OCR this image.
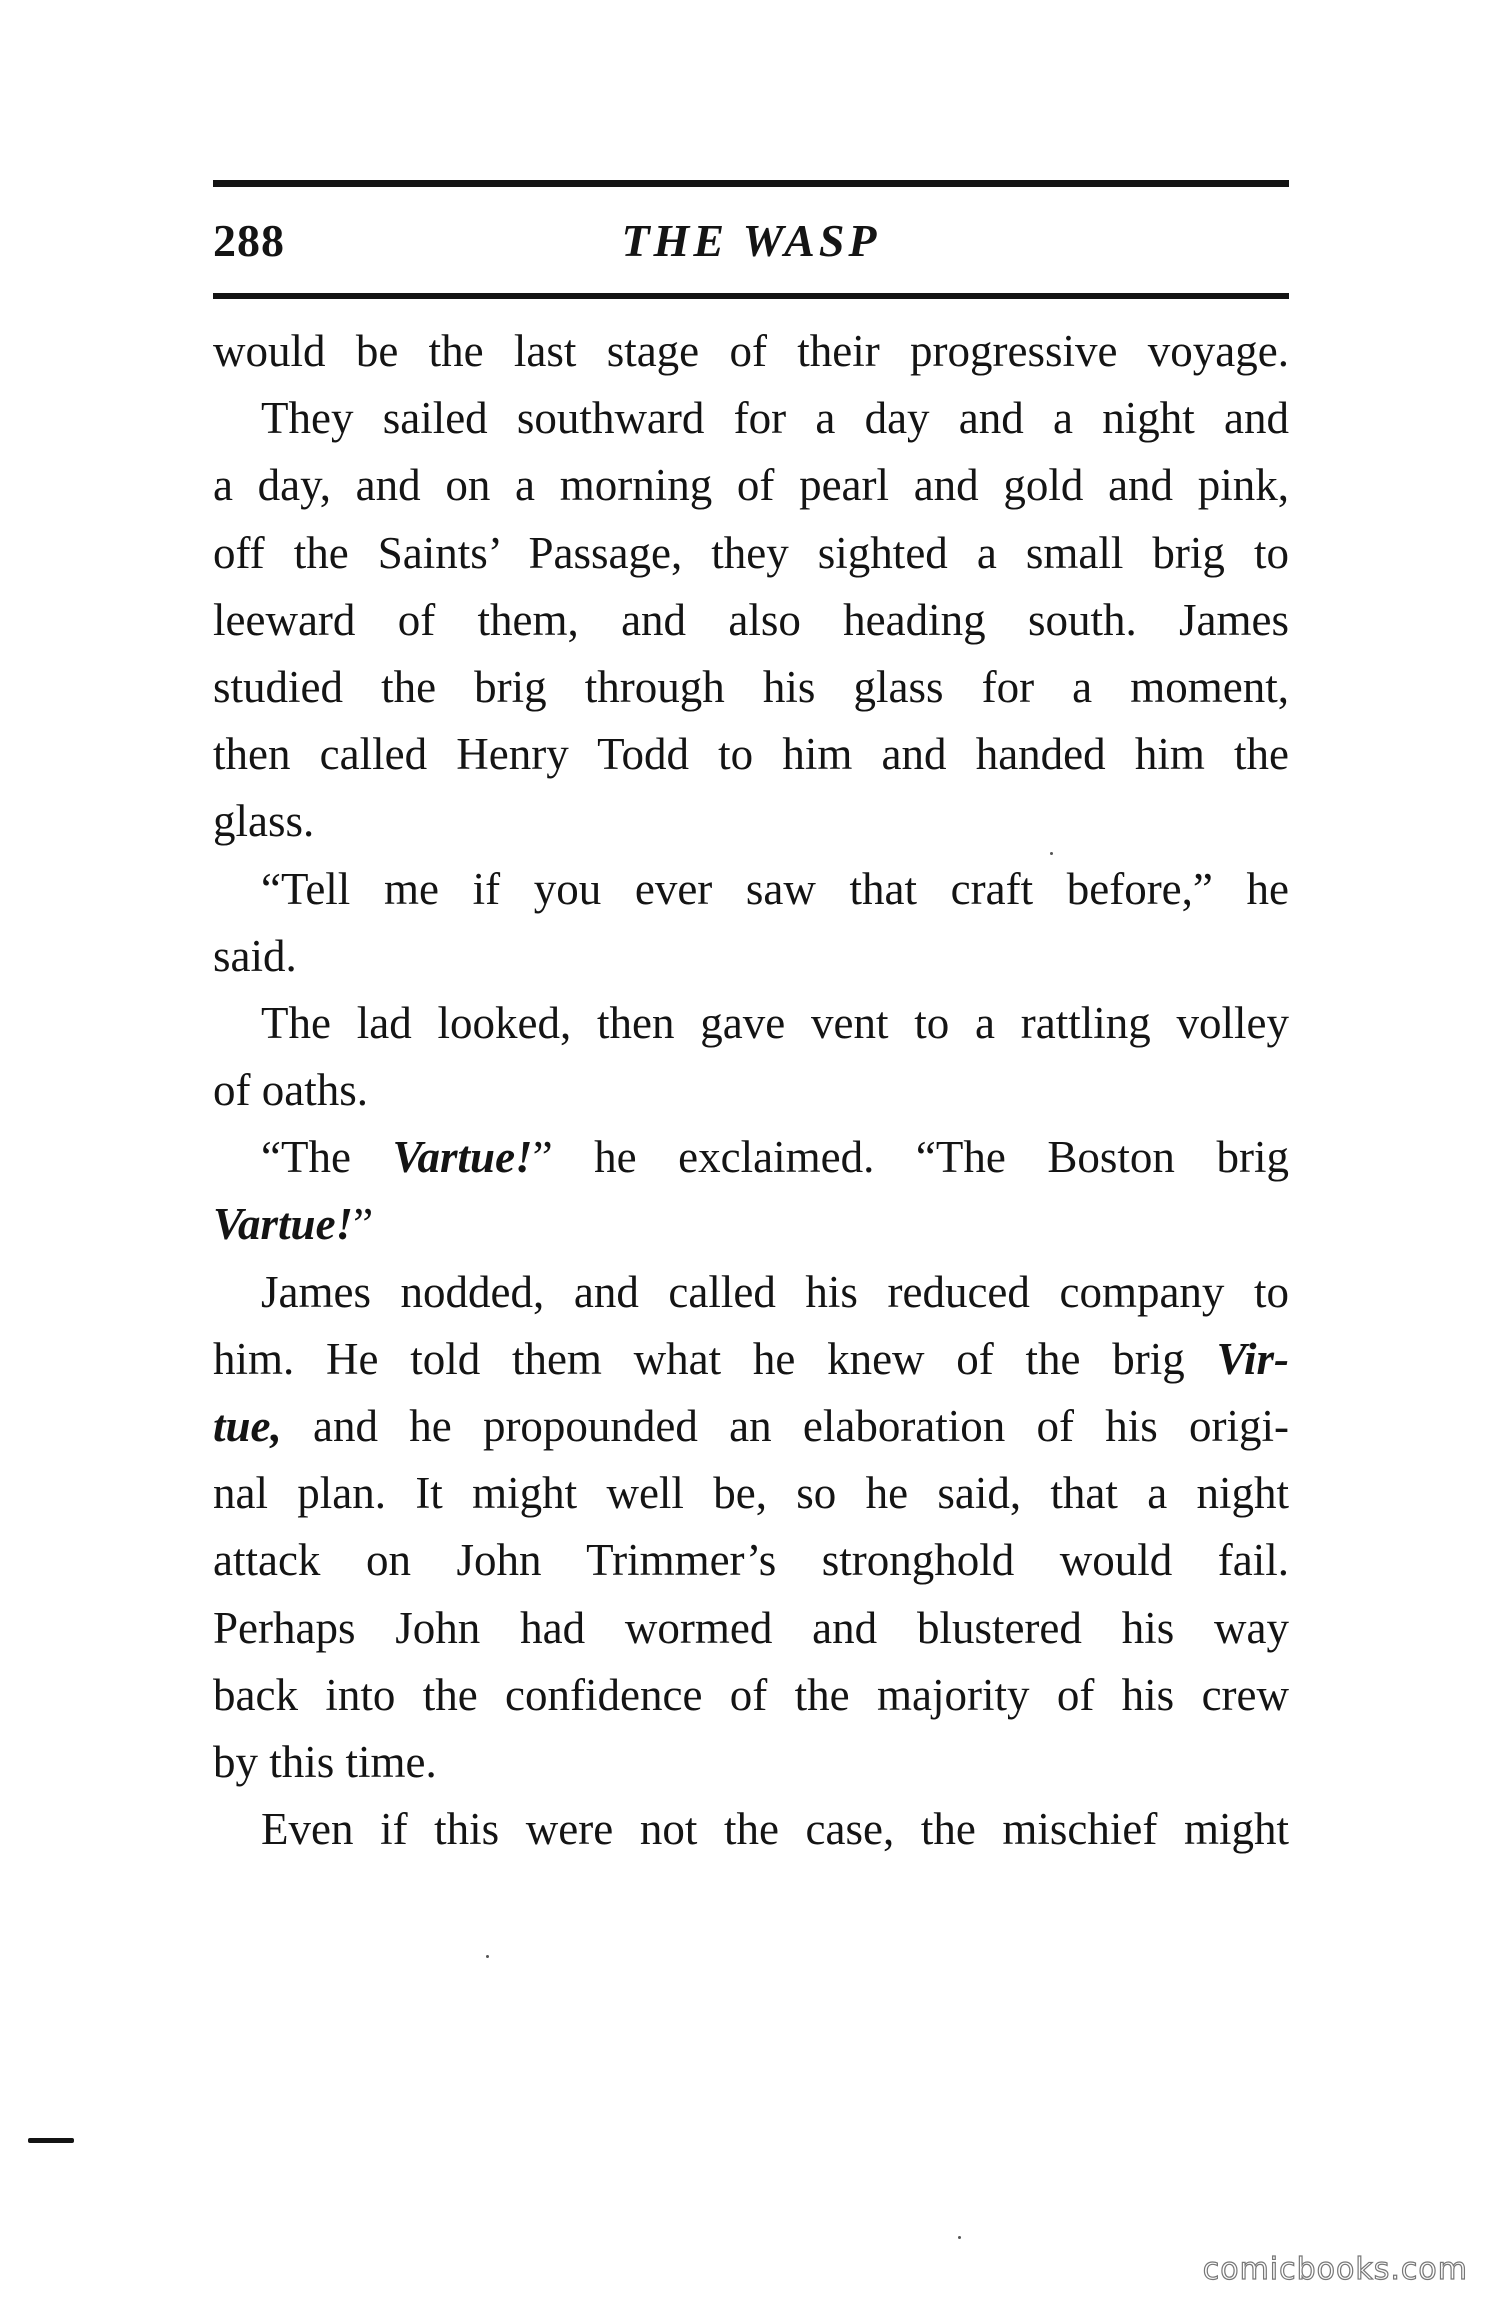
288	THE WASP
would be the last stage of their progressive voyage.
They sailed southward for a day and a night and
a day, and on a morning of pearl and gold and pink,
off the Saints’ Passage, they sighted a small brig to
leeward of them, and also heading south. James
studied the brig through his glass for a moment,
then called Henry Todd to him and handed him the
glass.
“Tell me if you ever saw that craft before,” he
said.
The lad looked, then gave vent to a rattling volley
of oaths.
“The Vartue!” he exclaimed. “The Boston brig
Vartue!”
James nodded, and called his reduced company to
him. He told them what he knew of the brig Vir-
tue, and he propounded an elaboration of his origi-
nal plan. It might well be, so he said, that a night
attack on John Trimmer’s stronghold would fail.
Perhaps John had wormed and blustered his way
back into the confidence of the majority of his crew
by this time.
Even if this were not the case, the mischief might
comicbooks.com
